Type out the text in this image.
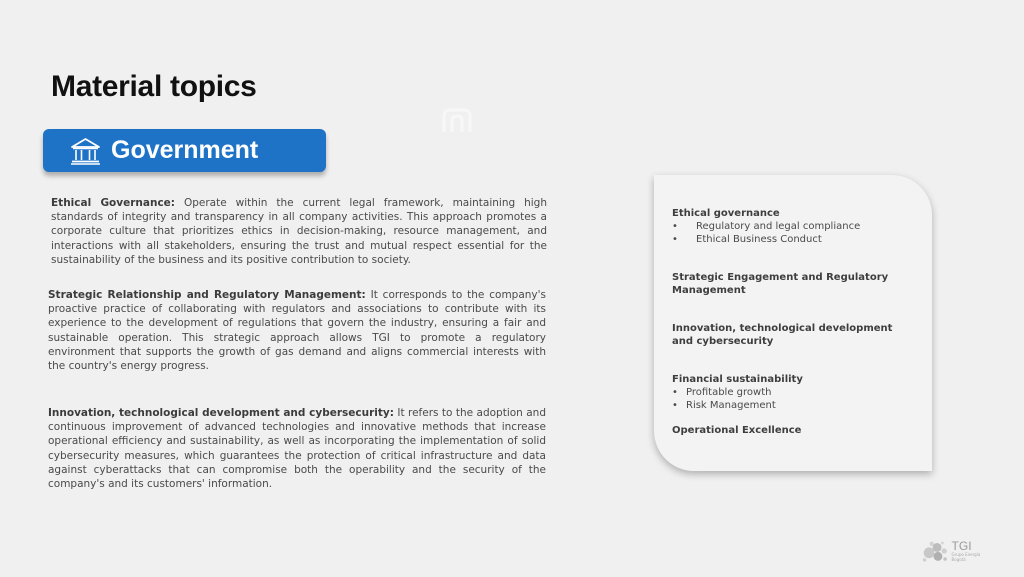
Material topics
Government

Ethical Governance: Operate within the current legal framework, maintaining high standards of integrity and transparency in all company activities. This approach promotes a corporate culture that prioritizes ethics in decision-making, resource management, and interactions with all stakeholders, ensuring the trust and mutual respect essential for the sustainability of the business and its positive contribution to society.

Strategic Relationship and Regulatory Management: It corresponds to the company's proactive practice of collaborating with regulators and associations to contribute with its experience to the development of regulations that govern the industry, ensuring a fair and sustainable operation. This strategic approach allows TGI to promote a regulatory environment that supports the growth of gas demand and aligns commercial interests with the country's energy progress.

Innovation, technological development and cybersecurity: It refers to the adoption and continuous improvement of advanced technologies and innovative methods that increase operational efficiency and sustainability, as well as incorporating the implementation of solid cybersecurity measures, which guarantees the protection of critical infrastructure and data against cyberattacks that can compromise both the operability and the security of the company's and its customers' information.

Ethical governance

• Regulatory and legal compliance
• Ethical Business Conduct

Strategic Engagement and Regulatory Management

Innovation, technological development and cybersecurity

Financial sustainability

• Profitable growth
• Risk Management

Operational Excellence

TGI
Grupo Energía Bogotá
